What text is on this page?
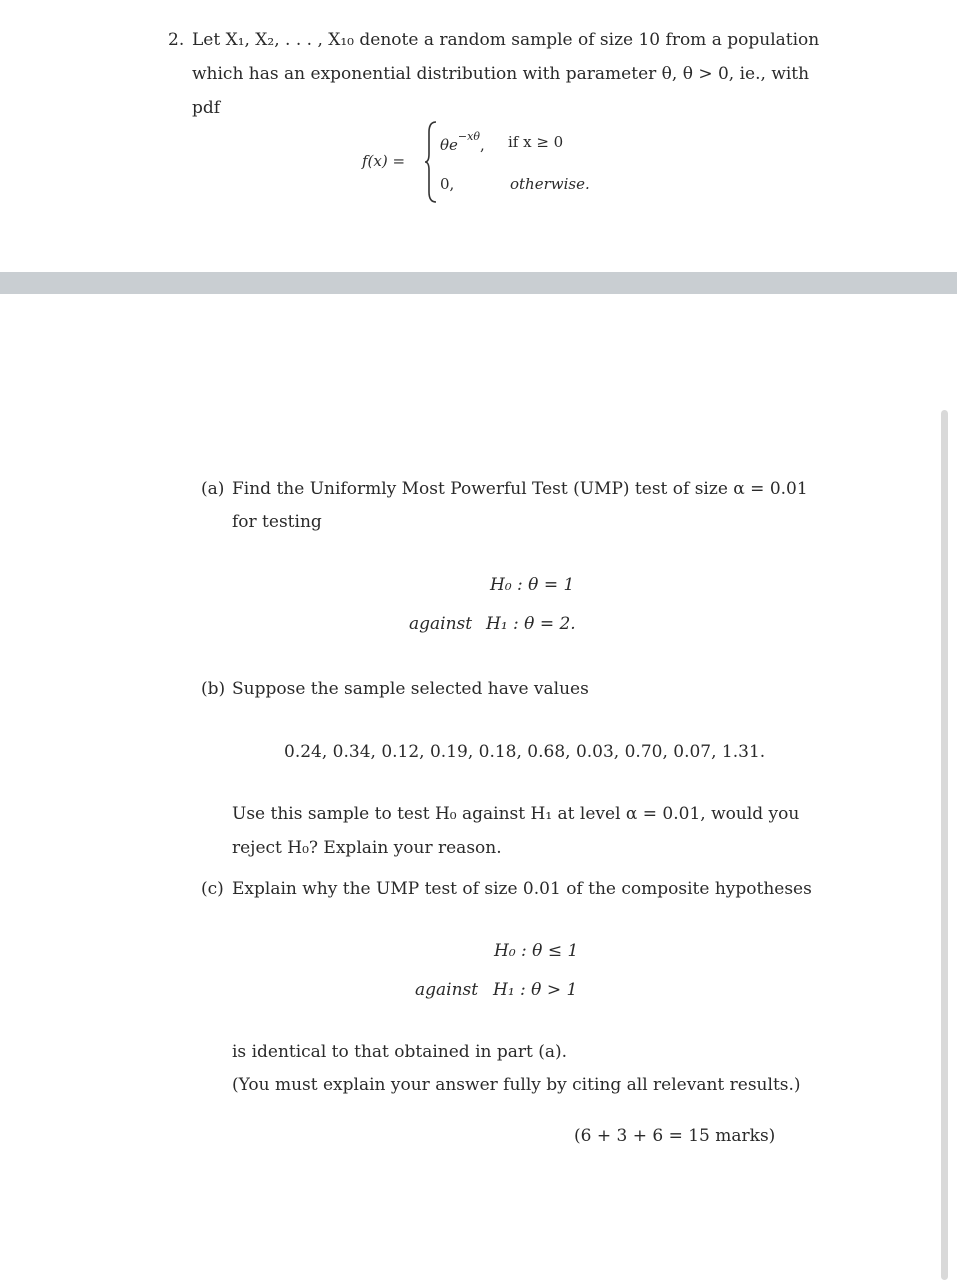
2. Let X₁, X₂, . . . , X₁₀ denote a random sample of size 10 from a population
which has an exponential distribution with parameter θ, θ > 0, ie., with
pdf
f(x) =
$\theta e^{-x\theta}$, if x ≥ 0
0,	otherwise.
(a) Find the Uniformly Most Powerful Test (UMP) test of size α = 0.01
for testing
H₀ : θ = 1
against H₁ : θ = 2.
(b) Suppose the sample selected have values
0.24, 0.34, 0.12, 0.19, 0.18, 0.68, 0.03, 0.70, 0.07, 1.31.
Use this sample to test H₀ against H₁ at level α = 0.01, would you
reject H₀? Explain your reason.
(c) Explain why the UMP test of size 0.01 of the composite hypotheses
H₀ : θ ≤ 1
against H₁ : θ > 1
is identical to that obtained in part (a).
(You must explain your answer fully by citing all relevant results.)
(6 + 3 + 6 = 15 marks)
